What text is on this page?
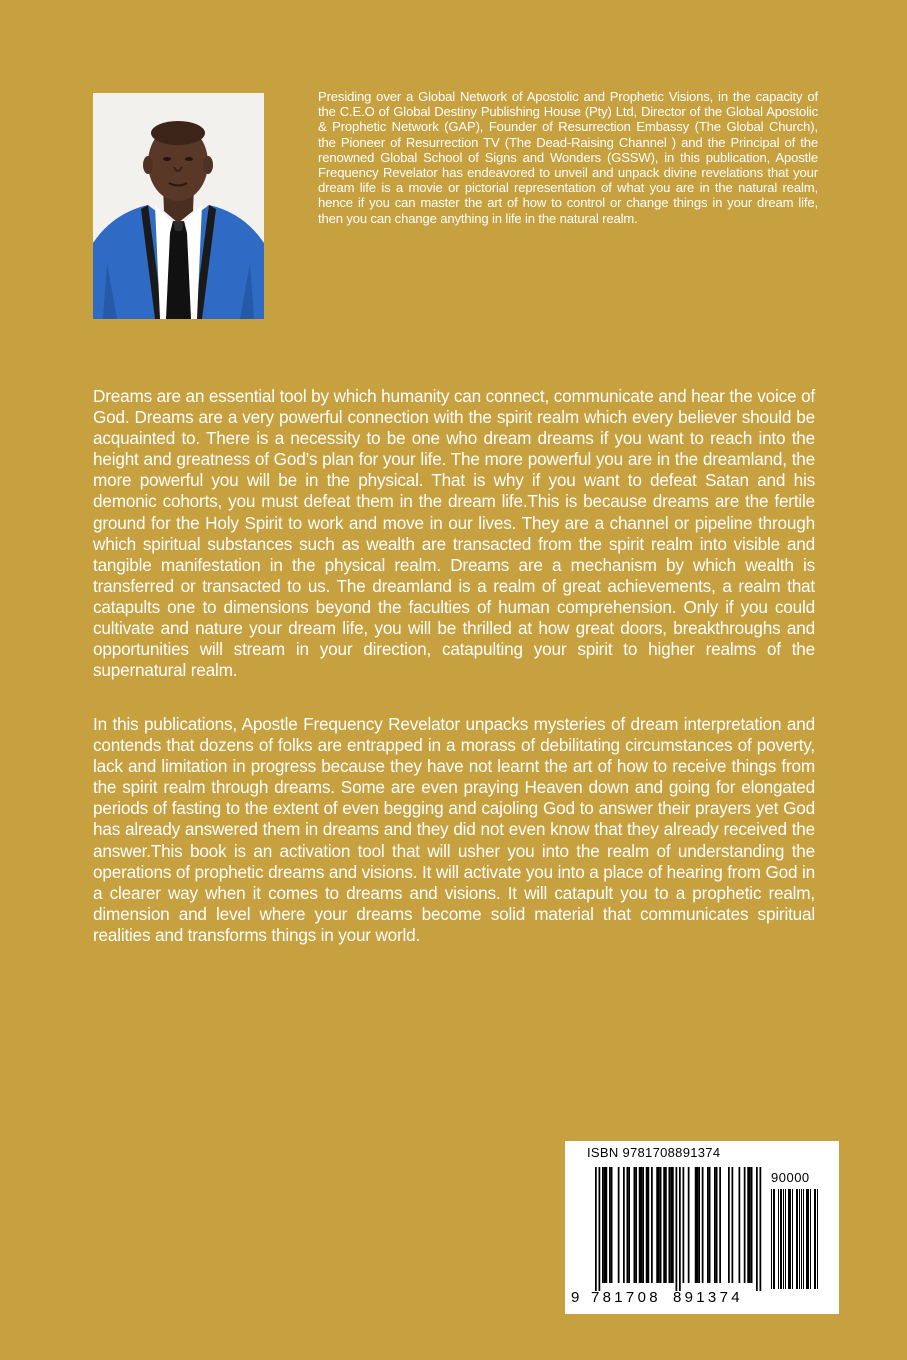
Presiding over a Global Network of Apostolic and Prophetic Visions, in the capacity of the C.E.O of Global Destiny Publishing House (Pty) Ltd, Director of the Global Apostolic & Prophetic Network (GAP), Founder of Resurrection Embassy (The Global Church), the Pioneer of Resurrection TV (The Dead-Raising Channel ) and the Principal of the renowned Global School of Signs and Wonders (GSSW), in this publication, Apostle Frequency Revelator has endeavored to unveil and unpack divine revelations that your dream life is a movie or pictorial representation of what you are in the natural realm, hence if you can master the art of how to control or change things in your dream life, then you can change anything in life in the natural realm.

Dreams are an essential tool by which humanity can connect, communicate and hear the voice of God. Dreams are a very powerful connection with the spirit realm which every believer should be acquainted to. There is a necessity to be one who dream dreams if you want to reach into the height and greatness of God’s plan for your life. The more powerful you are in the dreamland, the more powerful you will be in the physical. That is why if you want to defeat Satan and his demonic cohorts, you must defeat them in the dream life.This is because dreams are the fertile ground for the Holy Spirit to work and move in our lives. They are a channel or pipeline through which spiritual substances such as wealth are transacted from the spirit realm into visible and tangible manifestation in the physical realm. Dreams are a mechanism by which wealth is transferred or transacted to us. The dreamland is a realm of great achievements, a realm that catapults one to dimensions beyond the faculties of human comprehension. Only if you could cultivate and nature your dream life, you will be thrilled at how great doors, breakthroughs and opportunities will stream in your direction, catapulting your spirit to higher realms of the supernatural realm.

In this publications, Apostle Frequency Revelator unpacks mysteries of dream interpretation and contends that dozens of folks are entrapped in a morass of debilitating circumstances of poverty, lack and limitation in progress because they have not learnt the art of how to receive things from the spirit realm through dreams. Some are even praying Heaven down and going for elongated periods of fasting to the extent of even begging and cajoling God to answer their prayers yet God has already answered them in dreams and they did not even know that they already received the answer.This book is an activation tool that will usher you into the realm of understanding the operations of prophetic dreams and visions. It will activate you into a place of hearing from God in a clearer way when it comes to dreams and visions. It will catapult you to a prophetic realm, dimension and level where your dreams become solid material that communicates spiritual realities and transforms things in your world.

ISBN 9781708891374

90000

9 781708 891374
